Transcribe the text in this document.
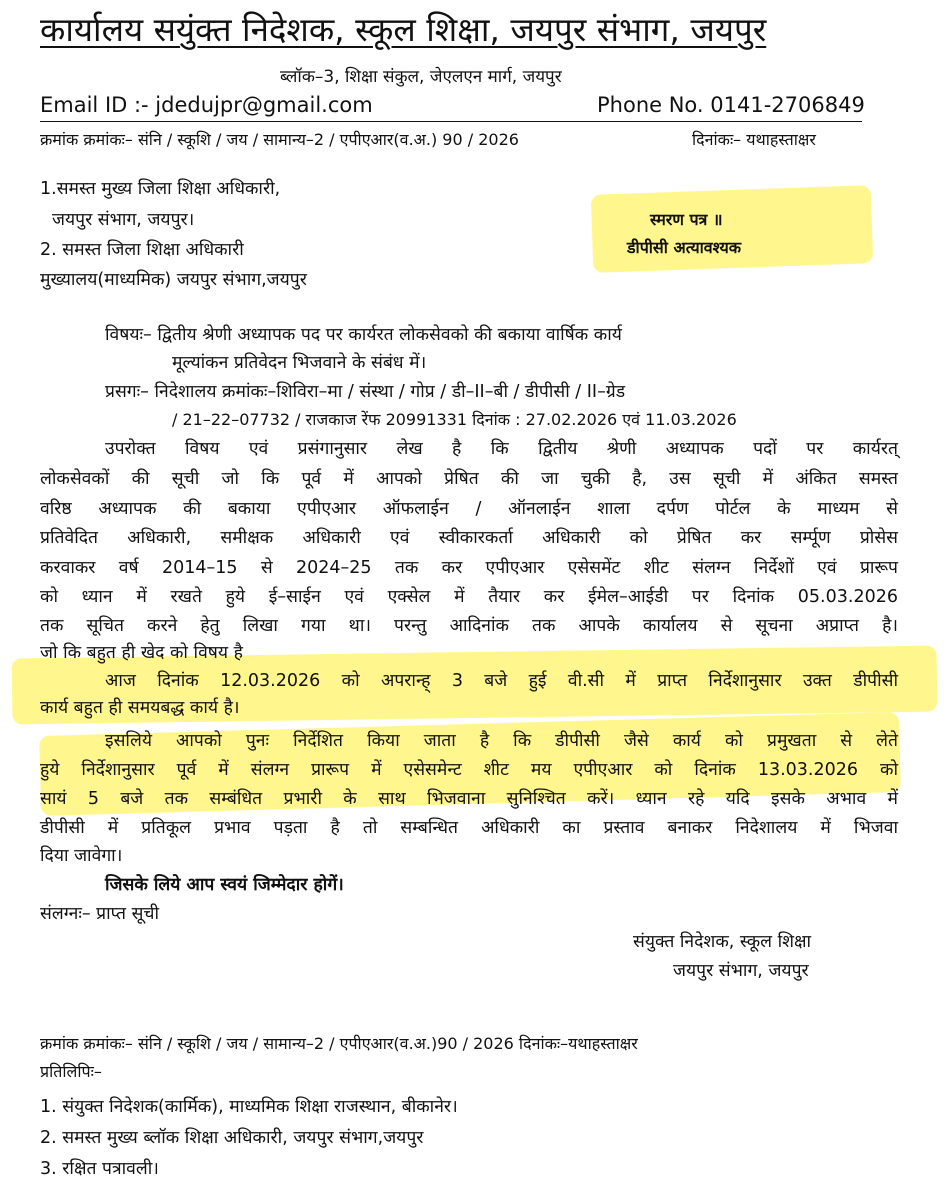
कार्यालय सयुंक्त निदेशक, स्कूल शिक्षा, जयपुर संभाग, जयपुर
ब्लॉक–3, शिक्षा संकुल, जेएलएन मार्ग, जयपुर
Email ID :- jdedujpr@gmail.com	Phone No. 0141-2706849
क्रमांक क्रमांकः– संनि / स्कूशि / जय / सामान्य–2 / एपीएआर(व.अ.) 90 / 2026	दिनांकः– यथाहस्ताक्षर
1.समस्त मुख्य जिला शिक्षा अधिकारी,
जयपुर संभाग, जयपुर।
2. समस्त जिला शिक्षा अधिकारी
मुख्यालय(माध्यमिक) जयपुर संभाग,जयपुर
स्मरण पत्र ॥
डीपीसी अत्यावश्यक
विषयः– द्वितीय श्रेणी अध्यापक पद पर कार्यरत लोकसेवको की बकाया वार्षिक कार्य
मूल्यांकन प्रतिवेदन भिजवाने के संबंध में।
प्रसगः– निदेशालय क्रमांकः–शिविरा–मा / संस्था / गोप्र / डी–II–बी / डीपीसी / II–ग्रेड
/ 21–22–07732 / राजकाज रेंफ 20991331 दिनांक : 27.02.2026 एवं 11.03.2026
उपरोक्त विषय एवं प्रसंगानुसार लेख है कि द्वितीय श्रेणी अध्यापक पदों पर कार्यरत्
लोकसेवकों की सूची जो कि पूर्व में आपको प्रेषित की जा चुकी है, उस सूची में अंकित समस्त
वरिष्ठ अध्यापक की बकाया एपीएआर ऑफलाईन / ऑनलाईन शाला दर्पण पोर्टल के माध्यम से
प्रतिवेदित अधिकारी, समीक्षक अधिकारी एवं स्वीकारकर्ता अधिकारी को प्रेषित कर सर्म्पूण प्रोसेस
करवाकर वर्ष 2014–15 से 2024–25 तक कर एपीएआर एसेसमेंट शीट संलग्न निर्देशों एवं प्रारूप
को ध्यान में रखते हुये ई–साईन एवं एक्सेल में तैयार कर ईमेल–आईडी पर दिनांक 05.03.2026
तक सूचित करने हेतु लिखा गया था। परन्तु आदिनांक तक आपके कार्यालय से सूचना अप्राप्त है।
जो कि बहुत ही खेद को विषय है
आज दिनांक 12.03.2026 को अपरान्ह् 3 बजे हुई वी.सी में प्राप्त निर्देशानुसार उक्त डीपीसी
कार्य बहुत ही समयबद्ध कार्य है।
इसलिये आपको पुनः निर्देशित किया जाता है कि डीपीसी जैसे कार्य को प्रमुखता से लेते
हुये निर्देशानुसार पूर्व में संलग्न प्रारूप में एसेसमेन्ट शीट मय एपीएआर को दिनांक 13.03.2026 को
सायं 5 बजे तक सम्बंधित प्रभारी के साथ भिजवाना सुनिश्चित करें। ध्यान रहे यदि इसके अभाव में
डीपीसी में प्रतिकूल प्रभाव पड़ता है तो सम्बन्धित अधिकारी का प्रस्ताव बनाकर निदेशालय में भिजवा
दिया जावेगा।
जिसके लिये आप स्वयं जिम्मेदार होगें।
संलग्नः– प्राप्त सूची
संयुक्त निदेशक, स्कूल शिक्षा
जयपुर संभाग, जयपुर
क्रमांक क्रमांकः– संनि / स्कूशि / जय / सामान्य–2 / एपीएआर(व.अ.)90 / 2026 दिनांकः–यथाहस्ताक्षर
प्रतिलिपिः–
1. संयुक्त निदेशक(कार्मिक), माध्यमिक शिक्षा राजस्थान, बीकानेर।
2. समस्त मुख्य ब्लॉक शिक्षा अधिकारी, जयपुर संभाग,जयपुर
3. रक्षित पत्रावली।
